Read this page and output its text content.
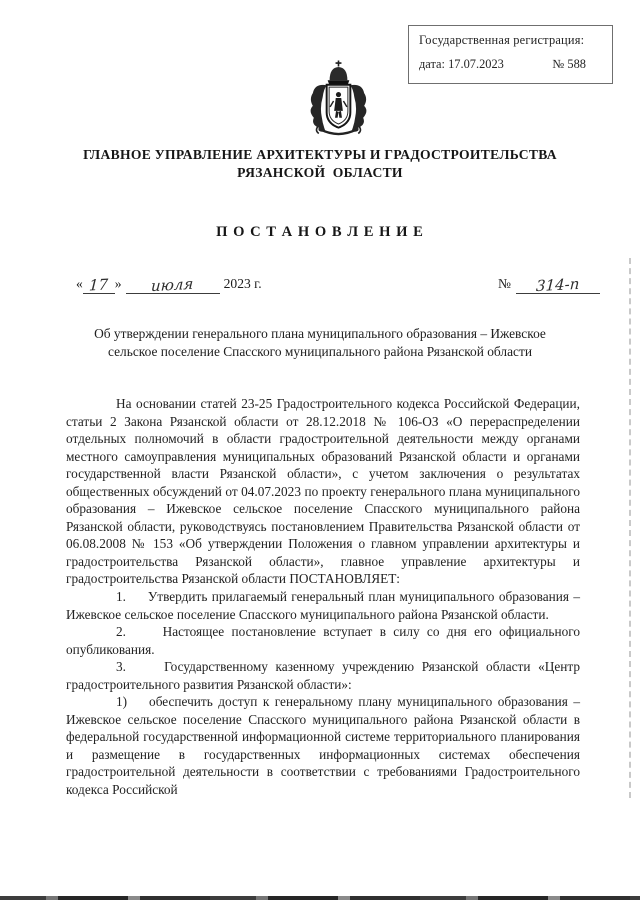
Государственная регистрация:
дата: 17.07.2023	№ 588
ГЛАВНОЕ УПРАВЛЕНИЕ АРХИТЕКТУРЫ И ГРАДОСТРОИТЕЛЬСТВА
РЯЗАНСКОЙ  ОБЛАСТИ
П О С Т А Н О В Л Е Н И Е
« 17 » июля 2023 г.	№ 314-п
Об утверждении генерального плана муниципального образования – Ижевское сельское поселение Спасского муниципального района Рязанской области

На основании статей 23-25 Градостроительного кодекса Российской Федерации, статьи 2 Закона Рязанской области от 28.12.2018 № 106-ОЗ «О перераспределении отдельных полномочий в области градостроительной деятельности между органами местного самоуправления муниципальных образований Рязанской области и органами государственной власти Рязанской области», с учетом заключения о результатах общественных обсуждений от 04.07.2023 по проекту генерального плана муниципального образования – Ижевское сельское поселение Спасского муниципального района Рязанской области, руководствуясь постановлением Правительства Рязанской области от 06.08.2008 № 153 «Об утверждении Положения о главном управлении архитектуры и градостроительства Рязанской области», главное управление архитектуры и градостроительства Рязанской области ПОСТАНОВЛЯЕТ:

1.     Утвердить прилагаемый генеральный план муниципального образования – Ижевское сельское поселение Спасского муниципального района Рязанской области.

2.     Настоящее постановление вступает в силу со дня его официального опубликования.

3.     Государственному казенному учреждению Рязанской области «Центр градостроительного развития Рязанской области»:

1)    обеспечить доступ к генеральному плану муниципального образования – Ижевское сельское поселение Спасского муниципального района Рязанской области в федеральной государственной информационной системе территориального планирования и размещение в государственных информационных системах обеспечения градостроительной деятельности в соответствии с требованиями Градостроительного кодекса Российской
